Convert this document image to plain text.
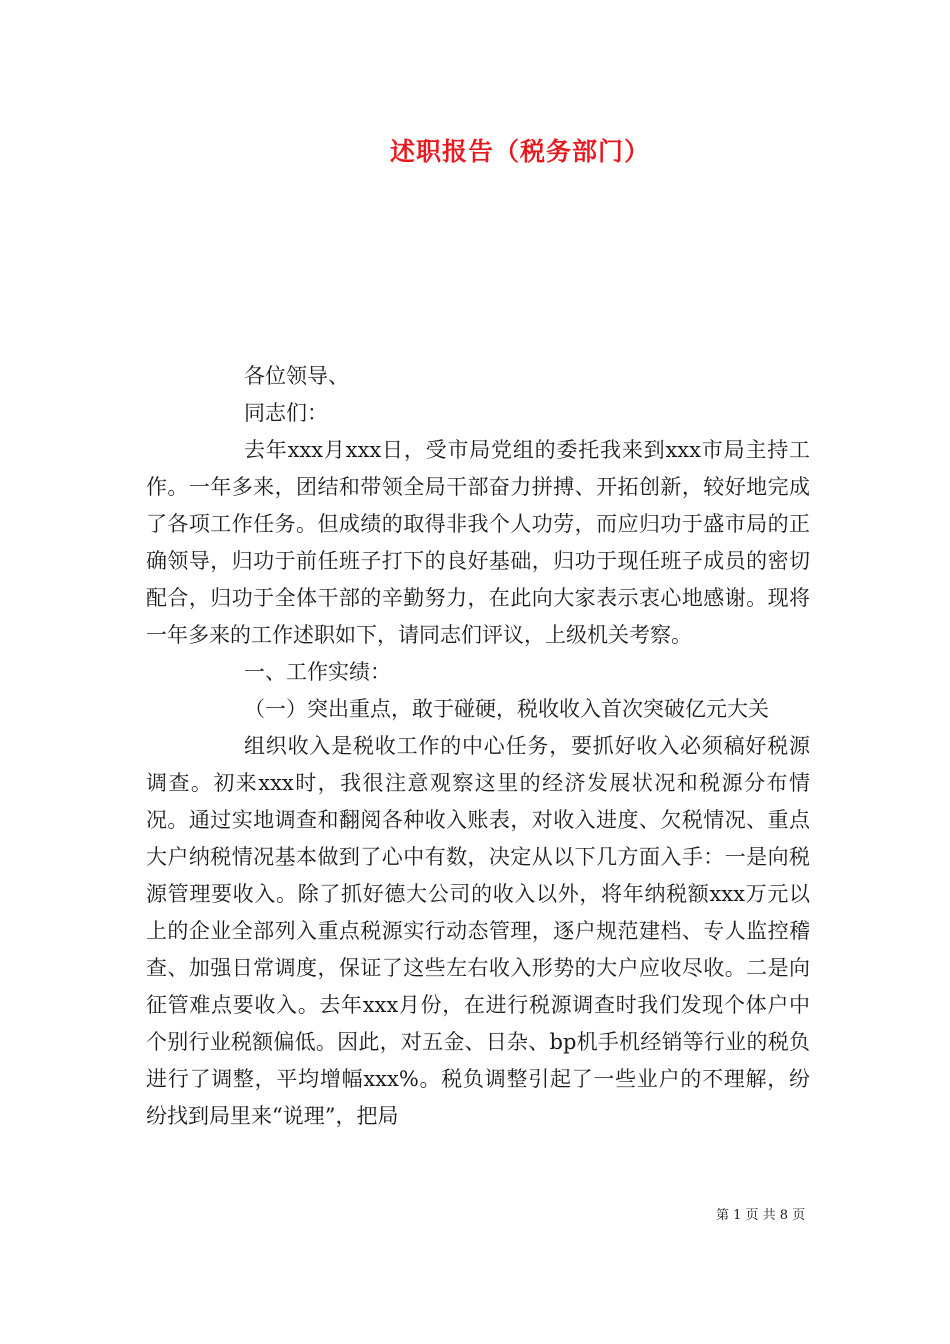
述职报告（税务部门）

各位领导、

同志们：

去年xxx月xxx日，受市局党组的委托我来到xxx市局主持工作。一年多来，团结和带领全局干部奋力拼搏、开拓创新，较好地完成了各项工作任务。但成绩的取得非我个人功劳，而应归功于盛市局的正确领导，归功于前任班子打下的良好基础，归功于现任班子成员的密切配合，归功于全体干部的辛勤努力，在此向大家表示衷心地感谢。现将一年多来的工作述职如下，请同志们评议，上级机关考察。

一、工作实绩：

（一）突出重点，敢于碰硬，税收收入首次突破亿元大关

组织收入是税收工作的中心任务，要抓好收入必须稿好税源调查。初来xxx时，我很注意观察这里的经济发展状况和税源分布情况。通过实地调查和翻阅各种收入账表，对收入进度、欠税情况、重点大户纳税情况基本做到了心中有数，决定从以下几方面入手：一是向税源管理要收入。除了抓好德大公司的收入以外，将年纳税额xxx万元以上的企业全部列入重点税源实行动态管理，逐户规范建档、专人监控稽查、加强日常调度，保证了这些左右收入形势的大户应收尽收。二是向征管难点要收入。去年xxx月份，在进行税源调查时我们发现个体户中个别行业税额偏低。因此，对五金、日杂、bp机手机经销等行业的税负进行了调整，平均增幅xxx%。税负调整引起了一些业户的不理解，纷纷找到局里来“说理”，把局

第 1 页 共 8 页
